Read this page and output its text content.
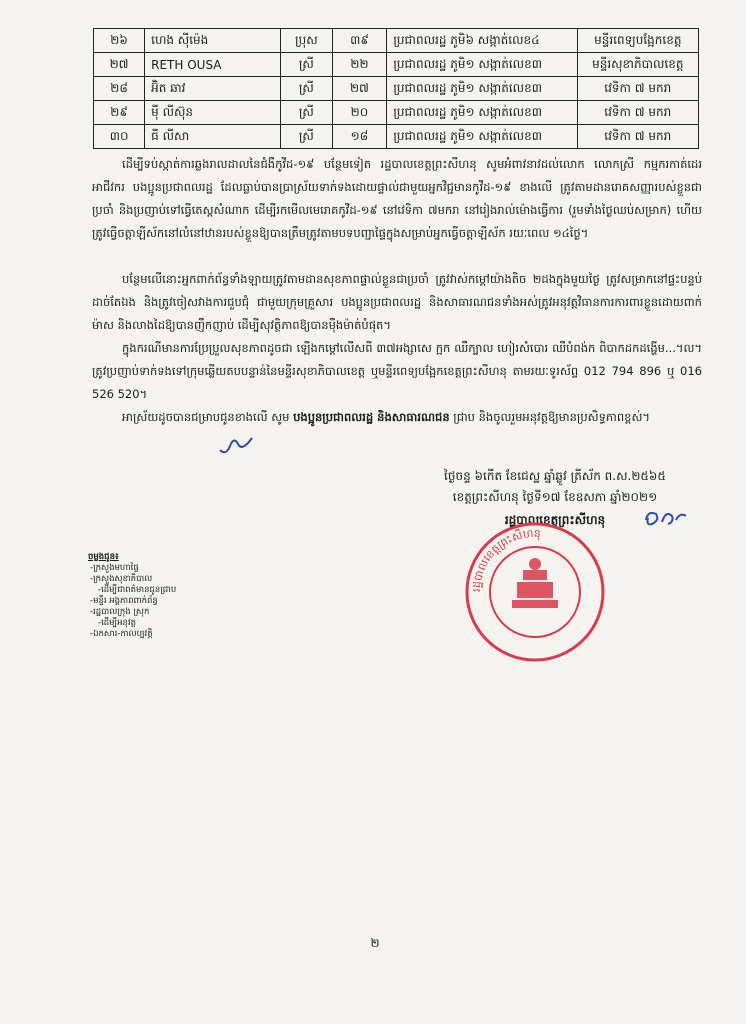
២៦	ហេង ស៊ីម៉េង	ប្រុស	៣៩	ប្រជាពលរដ្ឋ ភូមិ៦ សង្កាត់លេខ៤	មន្ទីរពេទ្យបង្អែកខេត្ត
២៧	RETH OUSA	ស្រី	២២	ប្រជាពលរដ្ឋ ភូមិ១ សង្កាត់លេខ៣	មន្ទីរសុខាភិបាលខេត្ត
២៨	អ៊ិត ឆាវ	ស្រី	២៧	ប្រជាពលរដ្ឋ ភូមិ១ សង្កាត់លេខ៣	វេទិកា ៧ មករា
២៩	ម៉ី លីស៊ុន	ស្រី	២០	ប្រជាពលរដ្ឋ ភូមិ១ សង្កាត់លេខ៣	វេទិកា ៧ មករា
៣០	ធី លីសា	ស្រី	១៨	ប្រជាពលរដ្ឋ ភូមិ១ សង្កាត់លេខ៣	វេទិកា ៧ មករា
ដើម្បីទប់ស្កាត់ការឆ្លងរាលដាលនៃជំងឺកូវីដ-១៩ បន្ថែមទៀត រដ្ឋបាលខេត្តព្រះសីហនុ សូមអំពាវនាវដល់លោក លោកស្រី កម្មករកាត់ដេរ អាជីវករ បងប្អូនប្រជាពលរដ្ឋ ដែលធ្លាប់បានប្រាស្រ័យទាក់ទងដោយផ្ទាល់ជាមួយអ្នកវិជ្ជមានកូវីដ-១៩ ខាងលើ ត្រូវតាមដានរោគសញ្ញារបស់ខ្លួនជាប្រចាំ និងប្រញាប់ទៅធ្វើតេស្តសំណាក ដើម្បីរកមើលមេរោគកូវីដ-១៩ នៅវេទិកា ៧មករា នៅរៀងរាល់ម៉ោងធ្វើការ (រួមទាំងថ្ងៃឈប់សម្រាក) ហើយត្រូវធ្វើចត្តាឡីស័កនៅលំនៅឋានរបស់ខ្លួនឱ្យបានត្រឹមត្រូវតាមបទបញ្ជាផ្ទៃក្នុងសម្រាប់អ្នកធ្វើចត្តាឡីស័ក រយៈពេល ១៤ថ្ងៃ។
បន្ថែមលើនោះអ្នកពាក់ព័ន្ធទាំងឡាយត្រូវតាមដានសុខភាពផ្ទាល់ខ្លួនជាប្រចាំ ត្រូវវាស់កម្តៅយ៉ាងតិច ២ដងក្នុងមួយថ្ងៃ ត្រូវសម្រាកនៅផ្ទះបន្ទប់ដាច់តែឯង និងត្រូវចៀសវាងការជួបជុំ ជាមួយក្រុមគ្រួសារ បងប្អូនប្រជាពលរដ្ឋ និងសាធារណជនទាំងអស់ត្រូវអនុវត្តវិធានការការពារខ្លួនដោយពាក់ម៉ាស និងលាងដៃឱ្យបានញឹកញាប់ ដើម្បីសុវត្ថិភាពឱ្យបានម៉ឺងម៉ាត់បំផុត។
ក្នុងករណីមានការប្រែប្រួលសុខភាពដូចជា ឡើងកម្តៅលើសពី ៣៧អង្សាសេ ក្អក ឈឺក្បាល ហៀរសំបោរ ឈឺបំពង់ក ពិបាកដកដង្ហើម...។ល។ ត្រូវប្រញាប់ទាក់ទងទៅក្រុមឆ្លើយតបបន្ទាន់នៃមន្ទីរសុខាភិបាលខេត្ត ឬមន្ទីរពេទ្យបង្អែកខេត្តព្រះសីហនុ តាមរយៈទូរស័ព្ទ 012 794 896 ឬ 016 526 520។
អាស្រ័យដូចបានជម្រាបជូនខាងលើ សូម បងប្អូនប្រជាពលរដ្ឋ និងសាធារណជន ជ្រាប និងចូលរួមអនុវត្តឱ្យមានប្រសិទ្ធភាពខ្ពស់។
ថ្ងៃចន្ទ ៦កើត ខែជេស្ឋ ឆ្នាំឆ្លូវ ត្រីស័ក ព.ស.២៥៦៥
ខេត្តព្រះសីហនុ ថ្ងៃទី១៧ ខែឧសភា ឆ្នាំ២០២១
រដ្ឋបាលខេត្តព្រះសីហនុ
រដ្ឋបាលខេត្តព្រះសីហនុ
ចម្លងជូន៖
-ក្រសួងមហាផ្ទៃ
-ក្រសួងសុខាភិបាល
-ដើម្បីជាពត៌មានជូនជ្រាប
-មន្ទីរ អង្គភាពពាក់ព័ន្ធ
-រដ្ឋបាលក្រុង ស្រុក
-ដើម្បីអនុវត្ត
-ឯកសារ-កាលប្បវត្តិ
២
